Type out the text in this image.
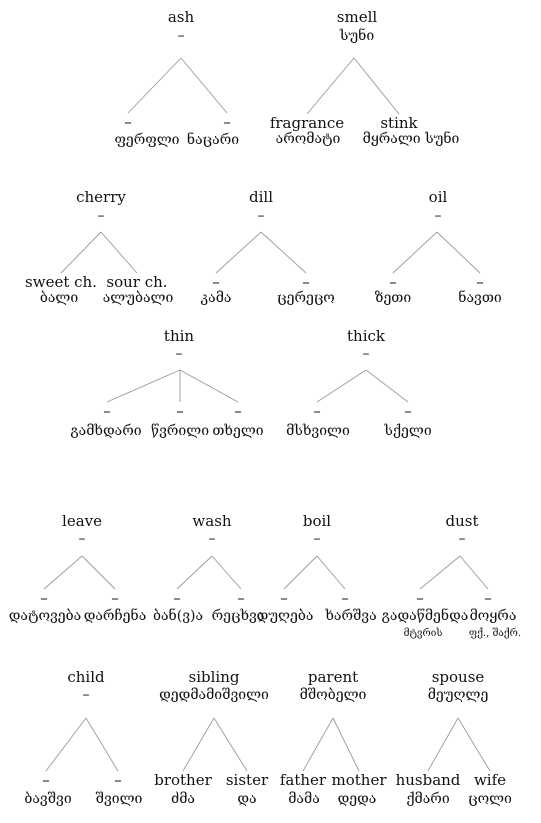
ash
–
–
ფერფლი
–
ნაცარი
smell
სუნი
fragrance
არომატი
stink
მყრალი სუნი
cherry
–
sweet ch.
ბალი
sour ch.
ალუბალი
dill
–
–
კამა
–
ცერეცო
oil
–
–
ზეთი
–
ნავთი
thin
–
–
გამხდარი
–
წვრილი
–
თხელი
thick
–
–
მსხვილი
–
სქელი
leave
–
–
დატოვება
–
დარჩენა
wash
–
–
ბან(ვ)ა
–
რეცხვა
boil
–
–
დუღება
–
ხარშვა
dust
–
–
გადაწმენდა
მტვრის
–
მოყრა
ფქ., შაქრ.
child
–
–
ბავშვი
–
შვილი
sibling
დედმამიშვილი
brother
ძმა
sister
და
parent
მშობელი
father
მამა
mother
დედა
spouse
მეუღლე
husband
ქმარი
wife
ცოლი
